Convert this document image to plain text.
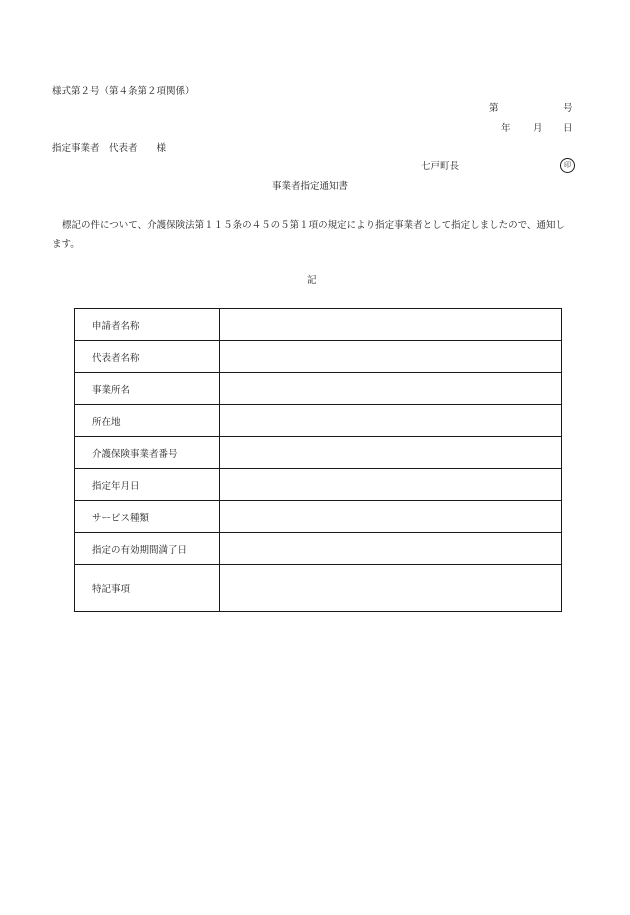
様式第２号（第４条第２項関係）
第	号
年 月 日
指定事業者　代表者　　様
七戸町長	印
事業者指定通知書
標記の件について、介護保険法第１１５条の４５の５第１項の規定により指定事業者として指定しましたので、通知します。
記
申請者名称	
代表者名称	
事業所名	
所在地	
介護保険事業者番号	
指定年月日	
サービス種類	
指定の有効期間満了日	
特記事項	
